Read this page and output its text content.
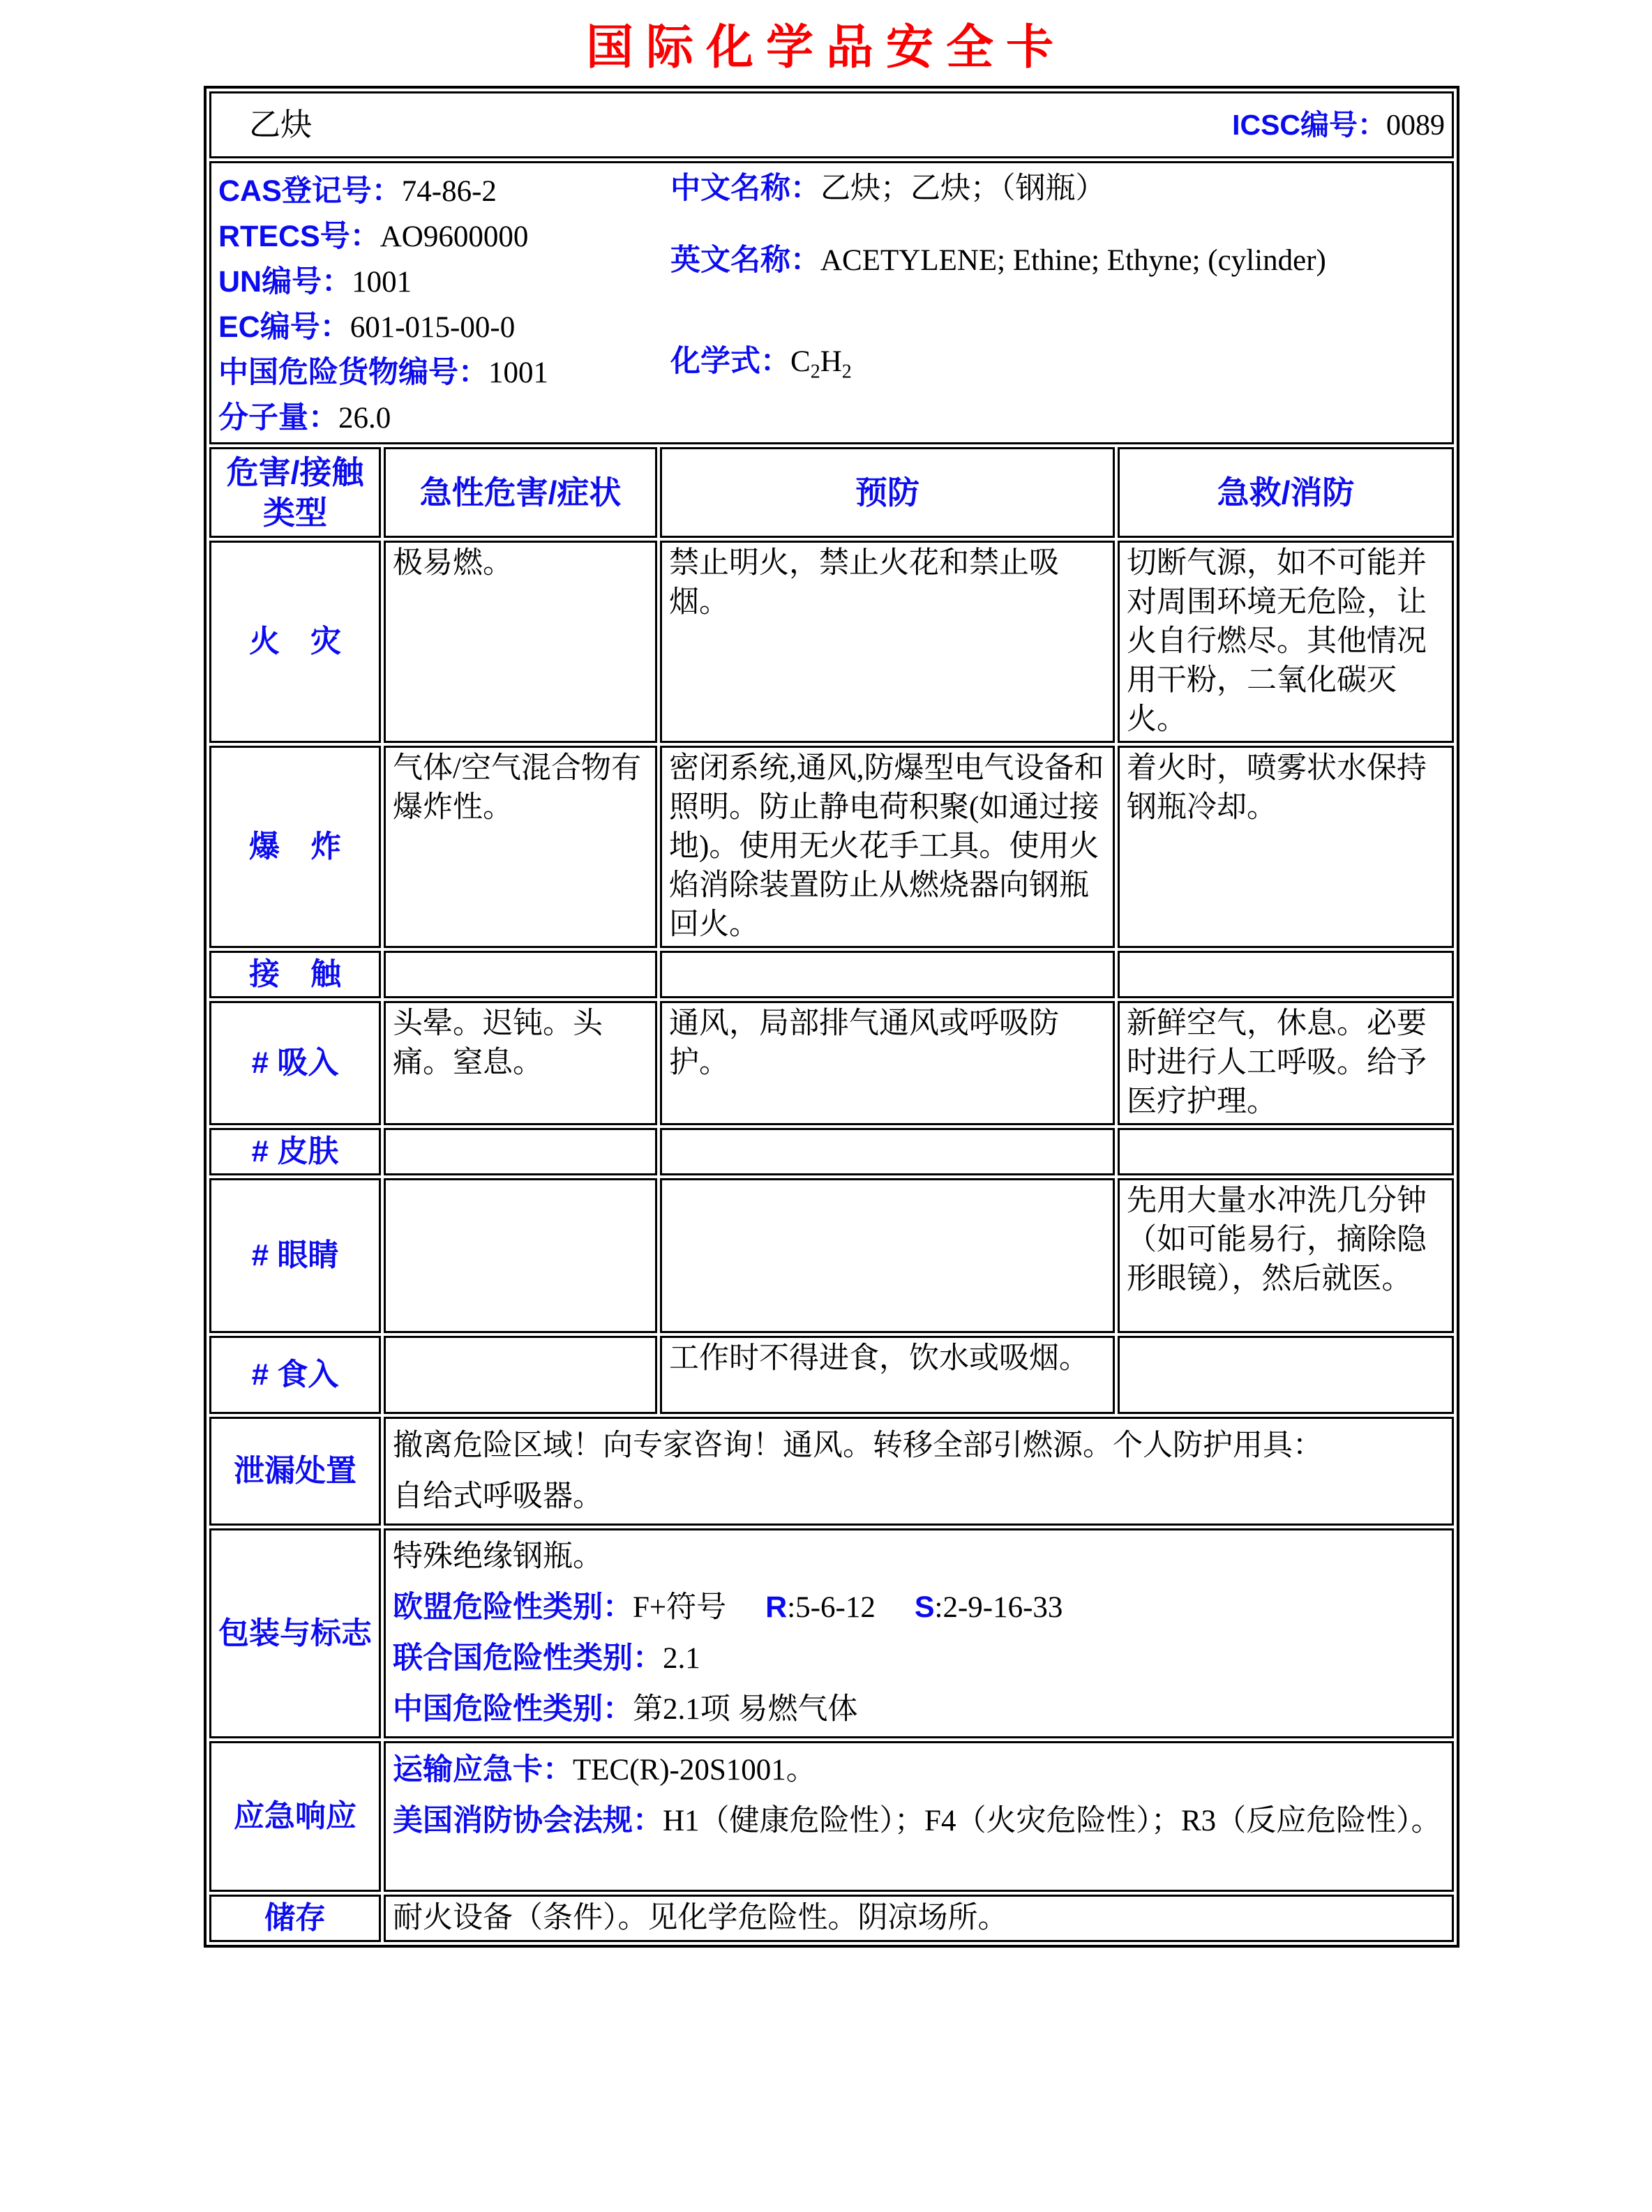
国际化学品安全卡
乙炔 ICSC编号：0089			

CAS登记号：74-86-2
RTECS号：AO9600000
UN编号：1001
EC编号：601-015-00-0
中国危险货物编号：1001
分子量：26.0
中文名称：乙炔；乙炔；（钢瓶）
英文名称：ACETYLENE; Ethine; Ethyne; (cylinder)
化学式：$C_2H_2$

危害/接触类型	急性危害/症状	预防	急救/消防
火　灾	极易燃。	禁止明火，禁止火花和禁止吸烟。	切断气源，如不可能并对周围环境无危险，让火自行燃尽。其他情况用干粉，二氧化碳灭火。
爆　炸	气体/空气混合物有爆炸性。	密闭系统,通风,防爆型电气设备和照明。防止静电荷积聚(如通过接地)。使用无火花手工具。使用火焰消除装置防止从燃烧器向钢瓶回火。	着火时，喷雾状水保持钢瓶冷却。
接　触			
# 吸入	头晕。迟钝。头痛。窒息。	通风，局部排气通风或呼吸防护。	新鲜空气，休息。必要时进行人工呼吸。给予医疗护理。
# 皮肤			
# 眼睛			先用大量水冲洗几分钟（如可能易行，摘除隐形眼镜），然后就医。
# 食入		工作时不得进食，饮水或吸烟。	
泄漏处置	撤离危险区域！向专家咨询！通风。转移全部引燃源。个人防护用具：
自给式呼吸器。		

包装与标志	特殊绝缘钢瓶。
欧盟危险性类别：F+符号 R:5-6-12 S:2-9-16-33
联合国危险性类别：2.1
中国危险性类别：第2.1项 易燃气体		

应急响应	运输应急卡：TEC(R)-20S1001。
美国消防协会法规：H1（健康危险性）；F4（火灾危险性）；R3（反应危险性）。		

储存	耐火设备（条件）。见化学危险性。阴凉场所。		
